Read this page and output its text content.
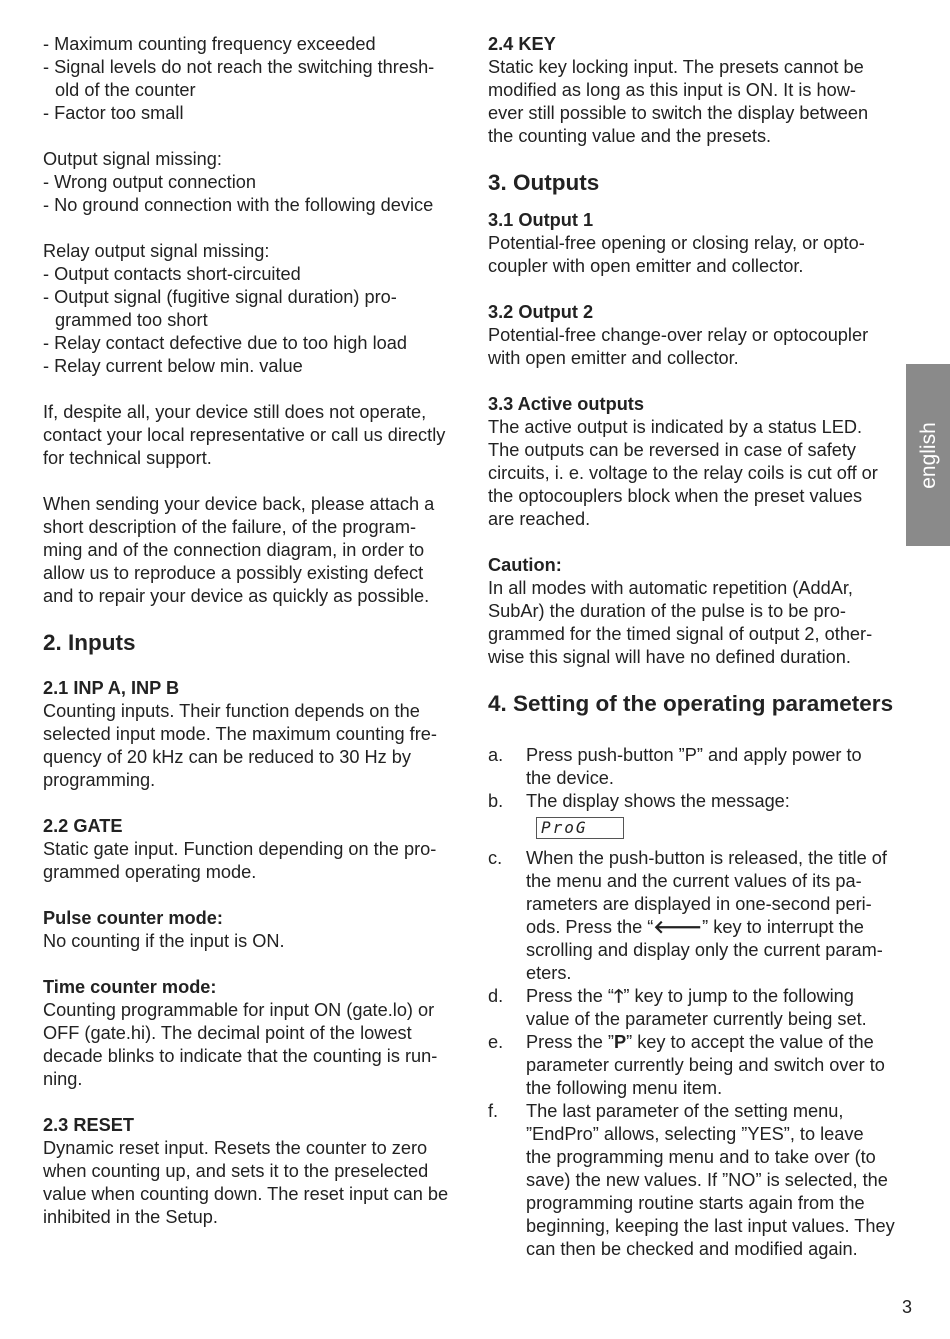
- Maximum counting frequency exceeded
- Signal levels do not reach the switching thresh-
old of the counter
- Factor too small
Output signal missing:
- Wrong output connection
- No ground connection with the following device
Relay output signal missing:
- Output contacts short-circuited
- Output signal (fugitive signal duration) pro-
grammed too short
- Relay contact defective due to too high load
- Relay current below min. value
If, despite all, your device still does not operate,
contact your local representative or call us directly
for technical support.
When sending your device back, please attach a
short description of the failure, of the program-
ming and of the connection diagram, in order to
allow us to reproduce a possibly existing defect
and to repair your device as quickly as possible.
2. Inputs
2.1 INP A, INP B
Counting inputs. Their function depends on the
selected input mode. The maximum counting fre-
quency of 20 kHz can be reduced to 30 Hz by
programming.
2.2 GATE
Static gate input. Function depending on the pro-
grammed operating mode.
Pulse counter mode:
No counting if the input is ON.
Time counter mode:
Counting programmable for input ON (gate.lo) or
OFF (gate.hi). The decimal point of the lowest
decade blinks to indicate that the counting is run-
ning.
2.3 RESET
Dynamic reset input. Resets the counter to zero
when counting up, and sets it to the preselected
value when counting down. The reset input can be
inhibited in the Setup.
2.4 KEY
Static key locking input. The presets cannot be
modified as long as this input is ON. It is how-
ever still possible to switch the display between
the counting value and the presets.
3. Outputs
3.1 Output 1
Potential-free opening or closing relay, or opto-
coupler with open emitter and collector.
3.2 Output 2
Potential-free change-over relay or optocoupler
with open emitter and collector.
3.3 Active outputs
The active output is indicated by a status LED.
The outputs can be reversed in case of safety
circuits, i. e. voltage to the relay coils is cut off or
the optocouplers block when the preset values
are reached.
Caution:
In all modes with automatic repetition (AddAr,
SubAr) the duration of the pulse is to be pro-
grammed for the timed signal of output 2, other-
wise this signal will have no defined duration.
4. Setting of the operating parameters
a. Press push-button ”P” and apply power to
the device.
b. The display shows the message:
ProG
c. When the push-button is released, the title of
the menu and the current values of its pa-
rameters are displayed in one-second peri-
ods. Press the “🡐” key to interrupt the
scrolling and display only the current param-
eters.
d. Press the “🡑” key to jump to the following
value of the parameter currently being set.
e. Press the ”P” key to accept the value of the
parameter currently being and switch over to
the following menu item.
f. The last parameter of the setting menu,
”EndPro” allows, selecting ”YES”, to leave
the programming menu and to take over (to
save) the new values. If ”NO” is selected, the
programming routine starts again from the
beginning, keeping the last input values. They
can then be checked and modified again.
english
3
